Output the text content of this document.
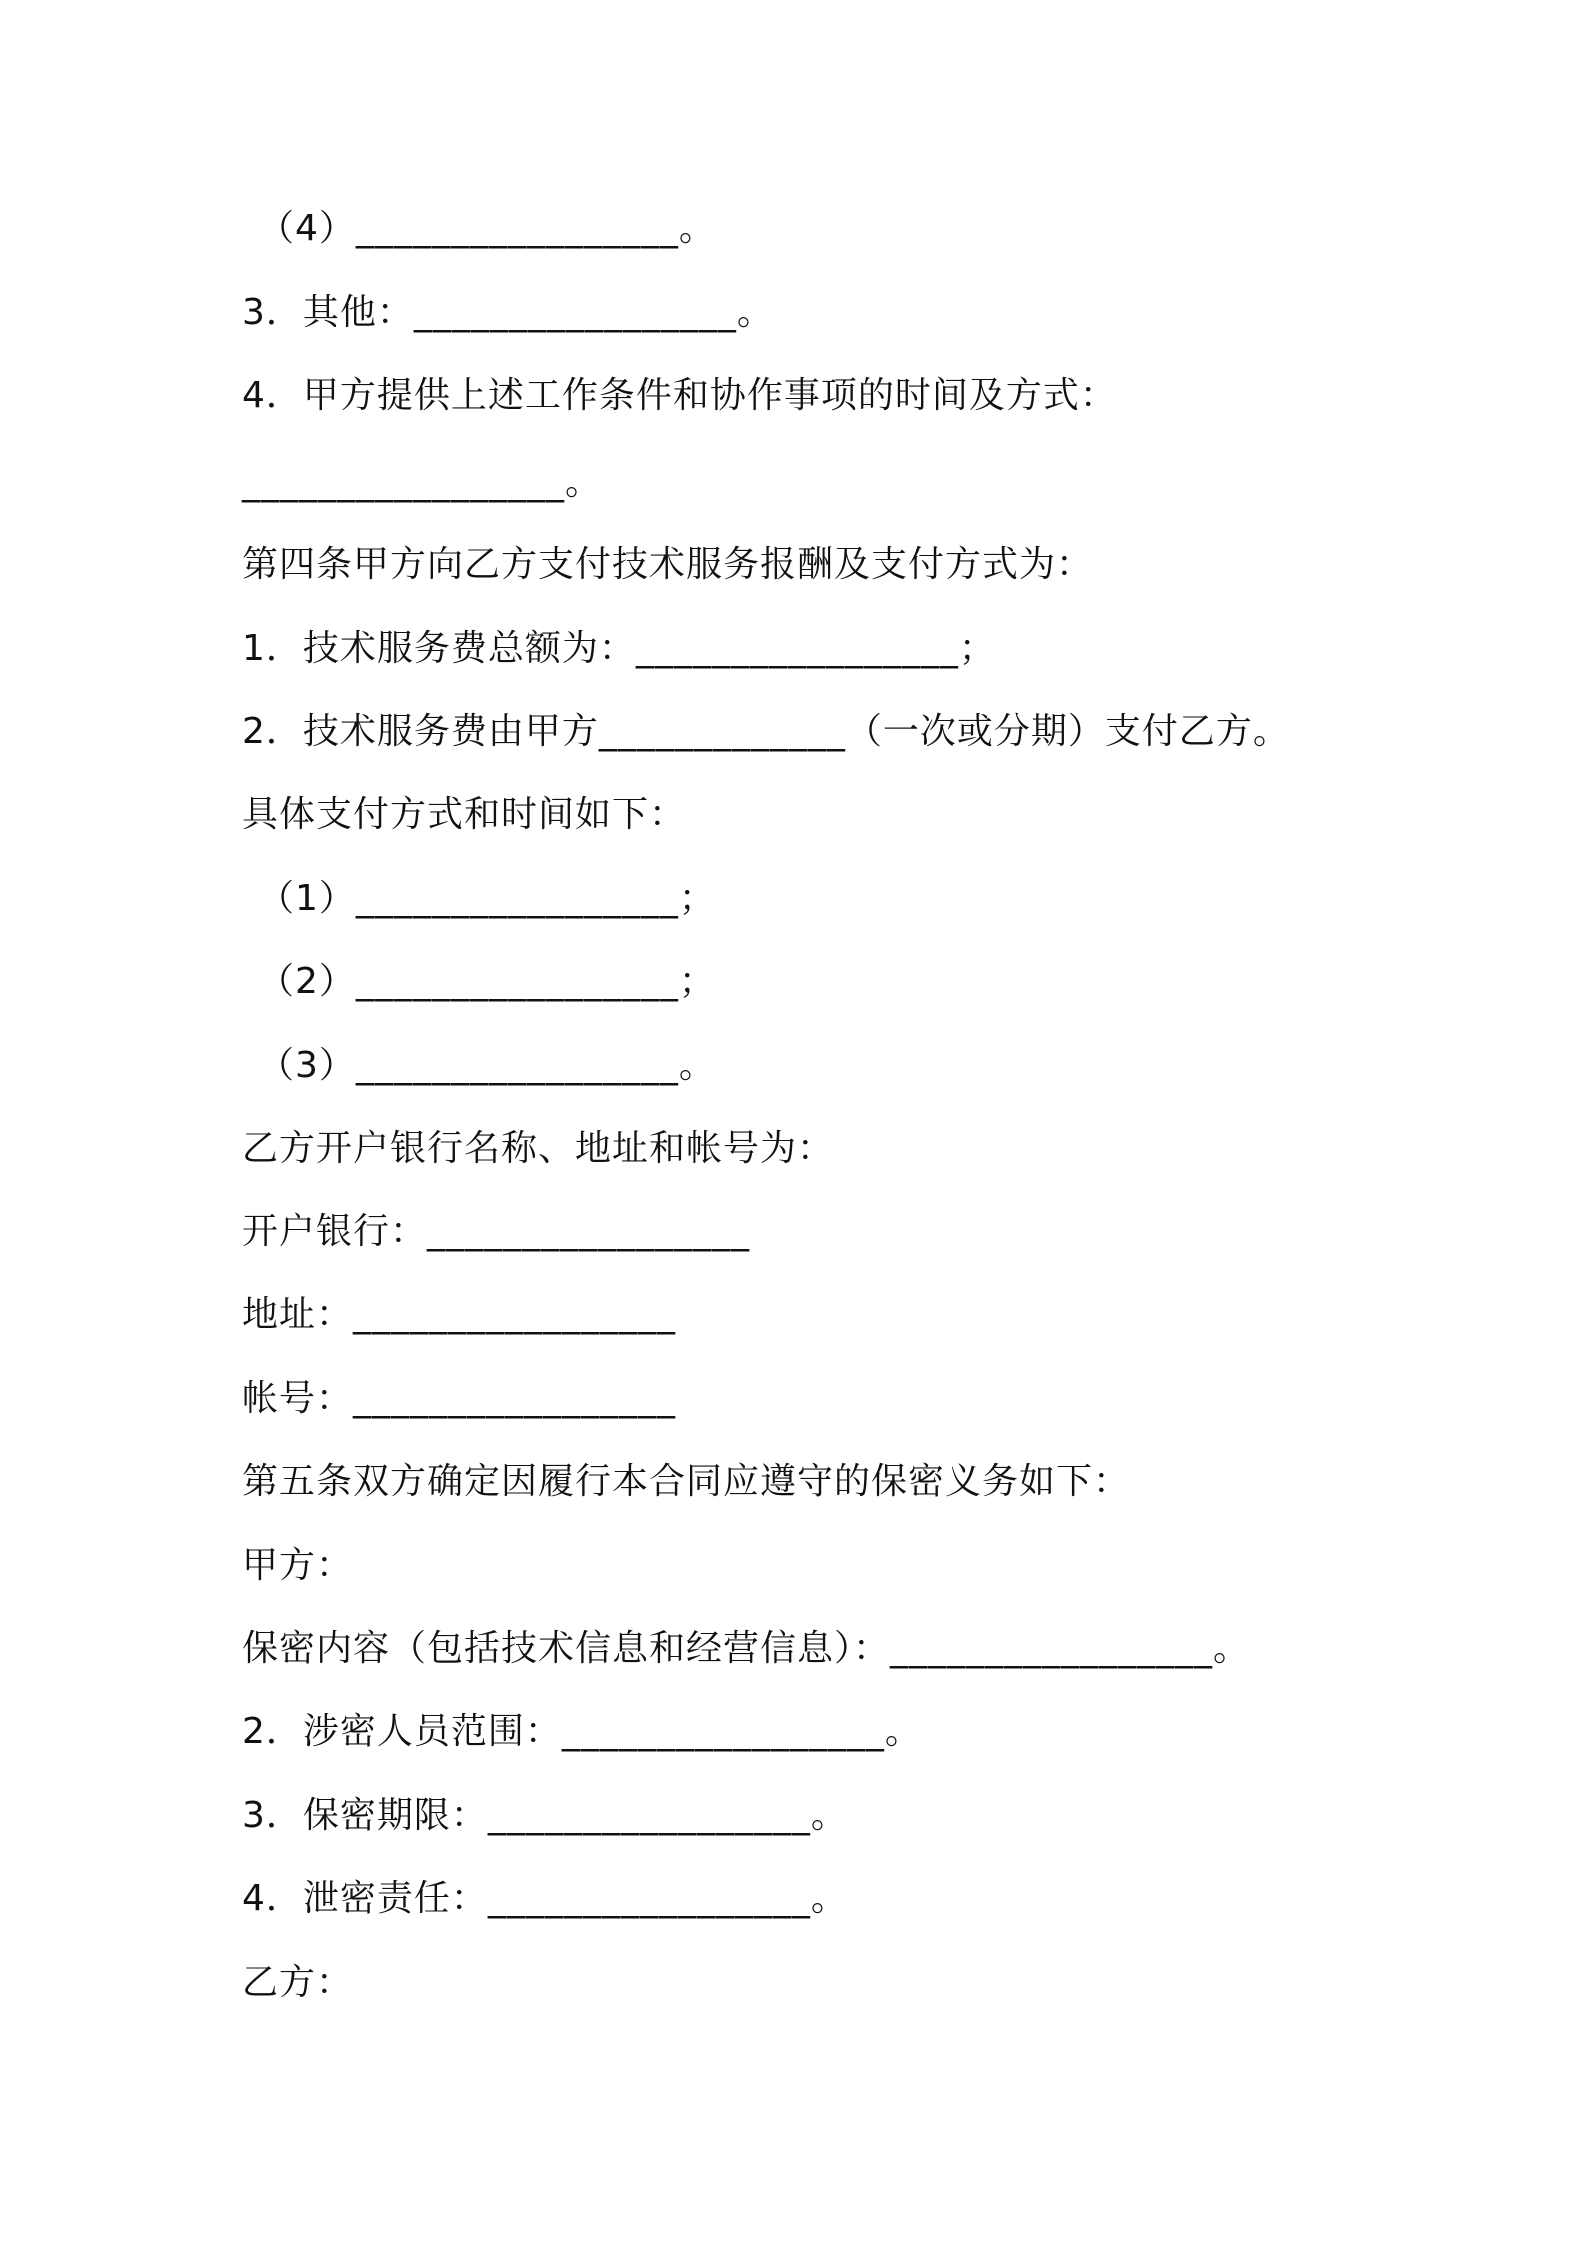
（4）_________________。
3．其他：_________________。
4．甲方提供上述工作条件和协作事项的时间及方式：
_________________。
第四条甲方向乙方支付技术服务报酬及支付方式为：
1．技术服务费总额为：_________________；
2．技术服务费由甲方_____________（一次或分期）支付乙方。
具体支付方式和时间如下：
（1）_________________；
（2）_________________；
（3）_________________。
乙方开户银行名称、地址和帐号为：
开户银行：_________________
地址：_________________
帐号：_________________
第五条双方确定因履行本合同应遵守的保密义务如下：
甲方：
保密内容（包括技术信息和经营信息）：_________________。
2．涉密人员范围：_________________。
3．保密期限：_________________。
4．泄密责任：_________________。
乙方：
